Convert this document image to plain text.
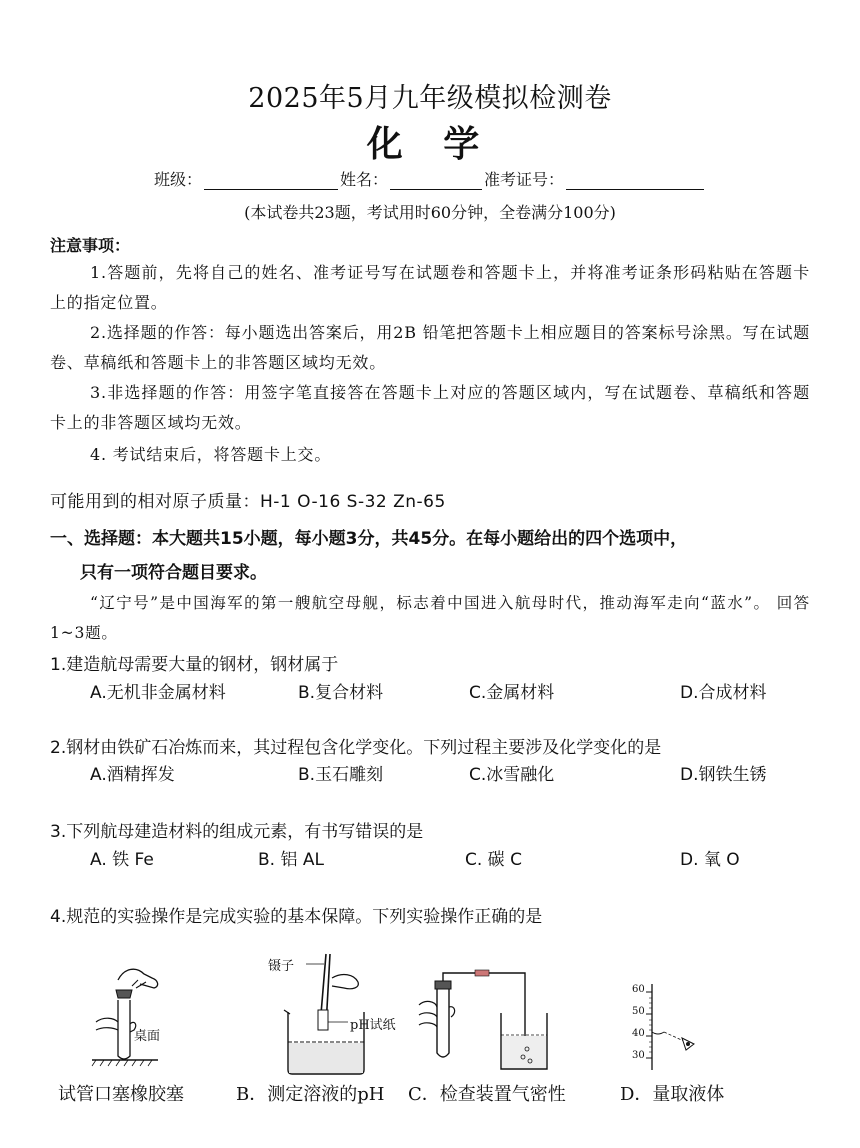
2025年5月九年级模拟检测卷
化 学
班级：	姓名：	准考证号：
(本试卷共23题，考试用时60分钟，全卷满分100分)
注意事项：
1.答题前，先将自己的姓名、准考证号写在试题卷和答题卡上，并将准考证条形码粘贴在答题卡上的指定位置。
2.选择题的作答：每小题选出答案后，用2B 铅笔把答题卡上相应题目的答案标号涂黑。写在试题卷、草稿纸和答题卡上的非答题区域均无效。
3.非选择题的作答：用签字笔直接答在答题卡上对应的答题区域内，写在试题卷、草稿纸和答题卡上的非答题区域均无效。
4. 考试结束后，将答题卡上交。
可能用到的相对原子质量：H-1 O-16 S-32 Zn-65
一、选择题：本大题共15小题，每小题3分，共45分。在每小题给出的四个选项中，
只有一项符合题目要求。
“辽宁号”是中国海军的第一艘航空母舰，标志着中国进入航母时代，推动海军走向“蓝水”。 回答1~3题。
1.建造航母需要大量的钢材，钢材属于
A.无机非金属材料	B.复合材料	C.金属材料	D.合成材料
2.钢材由铁矿石冶炼而来，其过程包含化学变化。下列过程主要涉及化学变化的是
A.酒精挥发	B.玉石雕刻	C.冰雪融化	D.钢铁生锈
3.下列航母建造材料的组成元素，有书写错误的是
A. 铁 Fe	B. 铝 AL	C. 碳 C	D. 氧 O
4.规范的实验操作是完成实验的基本保障。下列实验操作正确的是
桌面
镊子
pH试纸
60
50
40
30
试管口塞橡胶塞	B．测定溶液的pH C．检查装置气密性	D．量取液体
